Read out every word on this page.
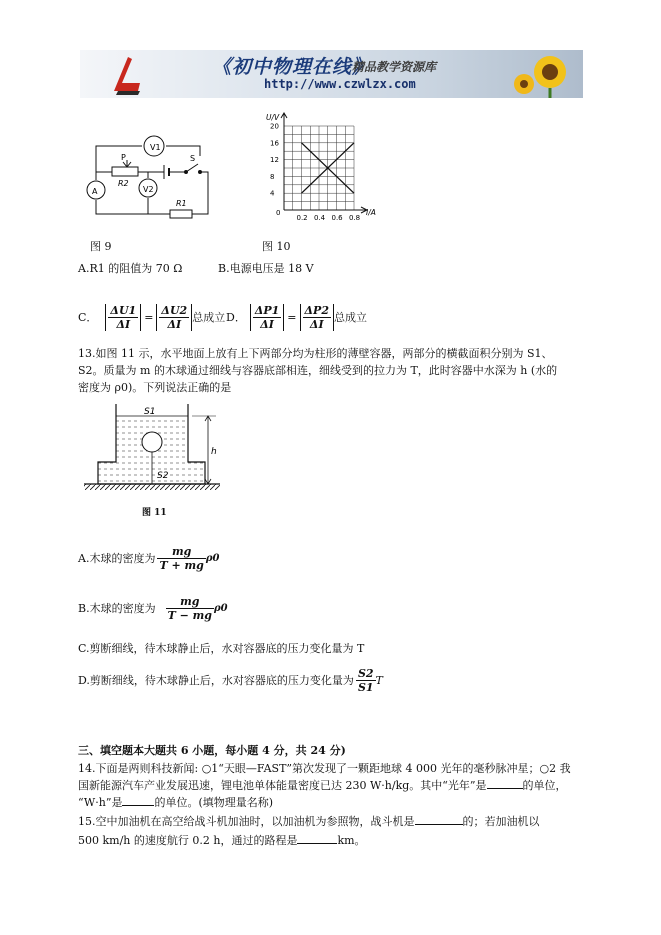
《初中物理在线》
精品教学资源库
http://www.czwlzx.com
V1
A	V2
P
R2
R1
S
图 9
U/V
I/A
0
20
16
12
8
4
0.2 0.4 0.6 0.8
图 10
A.R1 的阻值为 70 Ω	B.电源电压是 18 V
C． $\frac{\Delta U1}{\Delta I} = \frac{\Delta U2}{\Delta I}$ 总成立 D． $\frac{\Delta P1}{\Delta I} = \frac{\Delta P2}{\Delta I}$ 总成立
13.如图 11 示，水平地面上放有上下两部分均为柱形的薄壁容器，两部分的横截面积分别为 S1、
S2。质量为 m 的木球通过细线与容器底部相连，细线受到的拉力为 T，此时容器中水深为 h (水的
密度为 ρ0)。下列说法正确的是
S1
S2
h
图 11
A.木球的密度为 $\frac{mg}{T + mg} \rho 0$
B.木球的密度为 $\frac{mg}{T - mg} \rho 0$
C.剪断细线，待木球静止后，水对容器底的压力变化量为 T
D.剪断细线，待木球静止后，水对容器底的压力变化量为 $\frac{S2}{S1}$ T
三、填空题本大题共 6 小题，每小题 4 分，共 24 分)
14.下面是两则科技新闻: ○1“天眼—FAST”第次发现了一颗距地球 4 000 光年的毫秒脉冲星；○2 我
国新能源汽车产业发展迅速，锂电池单体能量密度已达 230 W·h/kg。其中“光年”是	的单位，
“W·h”是	的单位。(填物理量名称)
15.空中加油机在高空给战斗机加油时，以加油机为参照物，战斗机是	的；若加油机以
500 km/h 的速度航行 0.2 h，通过的路程是	km。
